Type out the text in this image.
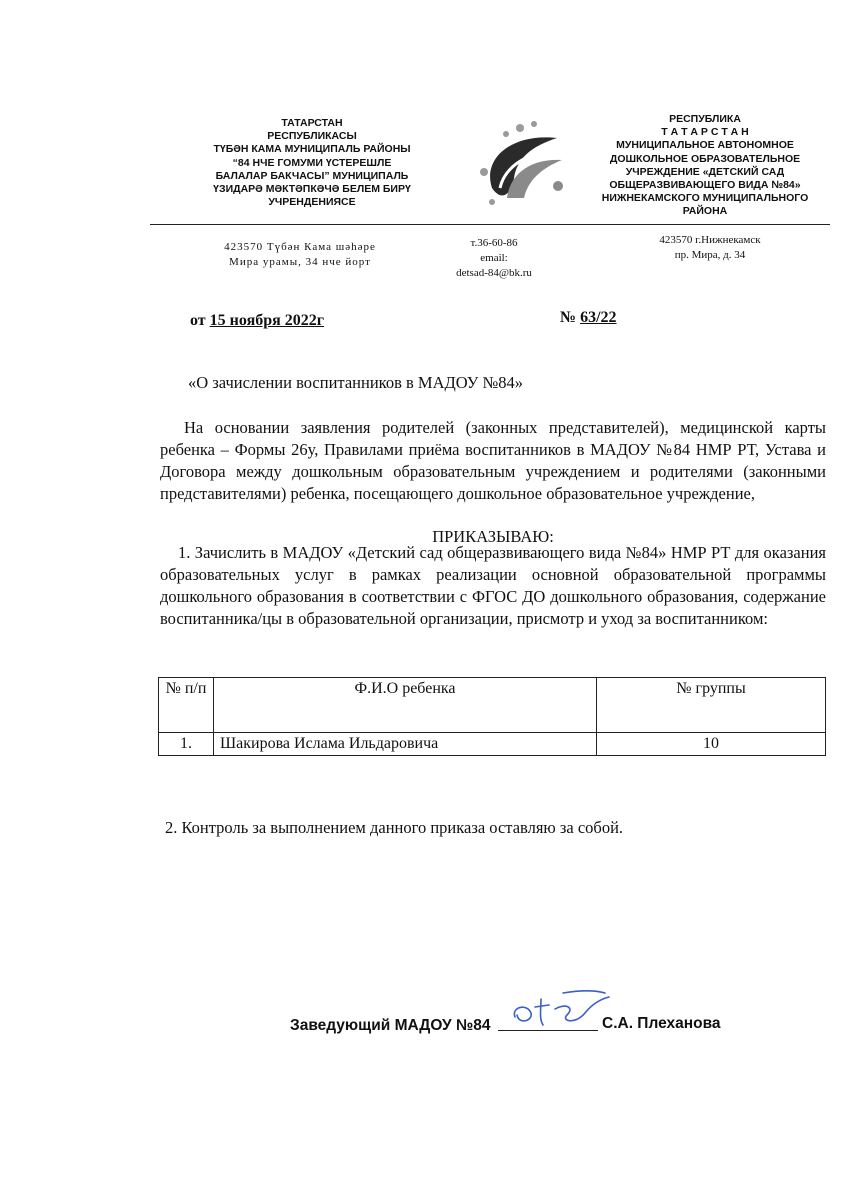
ТАТАРСТАН
РЕСПУБЛИКАСЫ
ТҮБӘН КАМА МУНИЦИПАЛЬ РАЙОНЫ
“84 НЧЕ ГОМУМИ ҮСТЕРЕШЛЕ
БАЛАЛАР БАКЧАСЫ” МУНИЦИПАЛЬ
ҮЗИДАРӘ МӘКТӘПКӘЧӘ БЕЛЕМ БИРҮ
УЧРЕНДЕНИЯСЕ
РЕСПУБЛИКА
Т А Т А Р С Т А Н
МУНИЦИПАЛЬНОЕ АВТОНОМНОЕ
ДОШКОЛЬНОЕ ОБРАЗОВАТЕЛЬНОЕ
УЧРЕЖДЕНИЕ «ДЕТСКИЙ САД
ОБЩЕРАЗВИВАЮЩЕГО ВИДА №84»
НИЖНЕКАМСКОГО МУНИЦИПАЛЬНОГО
РАЙОНА
423570 Түбән Кама шәһәре
Мира урамы, 34 нче йорт
т.36-60-86
email:
detsad-84@bk.ru
423570 г.Нижнекамск
пр. Мира, д. 34
от 15 ноября 2022г	№ 63/22
«О зачислении воспитанников в МАДОУ №84»
На основании заявления родителей (законных представителей), медицинской карты ребенка – Формы 26у, Правилами приёма воспитанников в МАДОУ №84 НМР РТ, Устава и Договора между дошкольным образовательным учреждением и родителями (законными представителями) ребенка, посещающего дошкольное образовательное учреждение,
ПРИКАЗЫВАЮ:
1. Зачислить в МАДОУ «Детский сад общеразвивающего вида №84» НМР РТ для оказания образовательных услуг в рамках реализации основной образовательной программы дошкольного образования в соответствии с ФГОС ДО дошкольного образования, содержание воспитанника/цы в образовательной организации, присмотр и уход за воспитанником:
№ п/п	Ф.И.О ребенка	№ группы
1.	Шакирова Ислама Ильдаровича	10
2. Контроль за выполнением данного приказа оставляю за собой.
Заведующий МАДОУ №84	С.А. Плеханова
